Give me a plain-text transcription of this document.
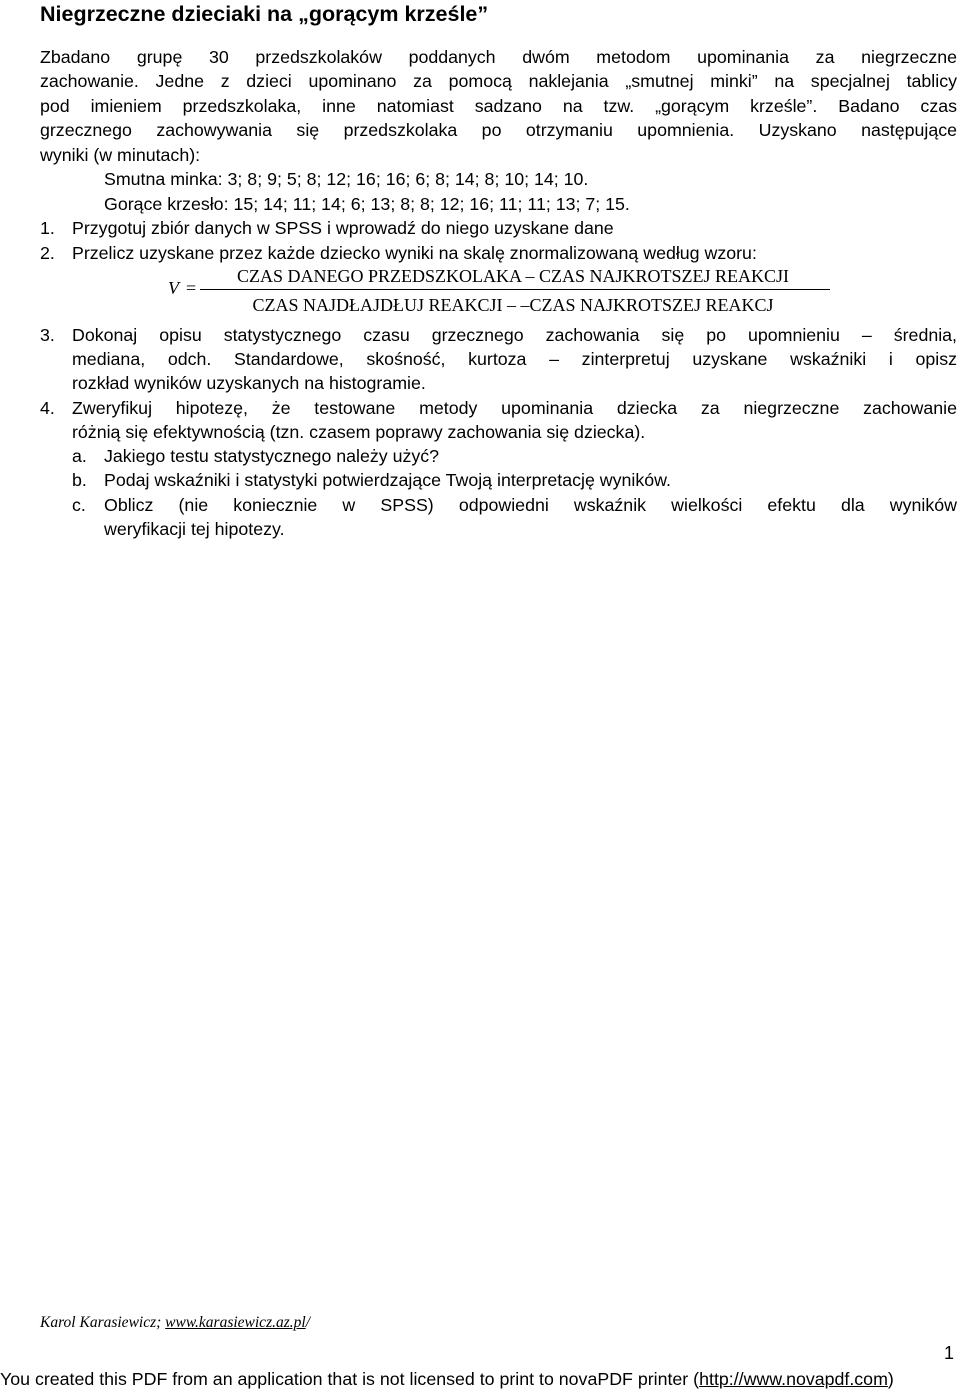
Niegrzeczne dzieciaki na „gorącym krześle”
Zbadano grupę 30 przedszkolaków poddanych dwóm metodom upominania za niegrzeczne
zachowanie. Jedne z dzieci upominano za pomocą naklejania „smutnej minki” na specjalnej tablicy
pod imieniem przedszkolaka, inne natomiast sadzano na tzw. „gorącym krześle”. Badano czas
grzecznego zachowywania się przedszkolaka po otrzymaniu upomnienia. Uzyskano następujące
wyniki (w minutach):
Smutna minka: 3; 8; 9; 5; 8; 12; 16; 16; 6; 8; 14; 8; 10; 14; 10.
Gorące krzesło: 15; 14; 11; 14; 6; 13; 8; 8; 12; 16; 11; 11; 13; 7; 15.
1. Przygotuj zbiór danych w SPSS i wprowadź do niego uzyskane dane
2. Przelicz uzyskane przez każde dziecko wyniki na skalę znormalizowaną według wzoru:
V =
CZAS DANEGO PRZEDSZKOLAKA – CZAS NAJKROTSZEJ REAKCJI
CZAS NAJDŁAJDŁUJ REAKCJI – –CZAS NAJKROTSZEJ REAKCJ
3. Dokonaj opisu statystycznego czasu grzecznego zachowania się po upomnieniu – średnia,
mediana, odch. Standardowe, skośność, kurtoza – zinterpretuj uzyskane wskaźniki i opisz
rozkład wyników uzyskanych na histogramie.
4. Zweryfikuj hipotezę, że testowane metody upominania dziecka za niegrzeczne zachowanie
różnią się efektywnością (tzn. czasem poprawy zachowania się dziecka).
a. Jakiego testu statystycznego należy użyć?
b. Podaj wskaźniki i statystyki potwierdzające Twoją interpretację wyników.
c. Oblicz (nie koniecznie w SPSS) odpowiedni wskaźnik wielkości efektu dla wyników
weryfikacji tej hipotezy.
Karol Karasiewicz; www.karasiewicz.az.pl/
1
You created this PDF from an application that is not licensed to print to novaPDF printer (http://www.novapdf.com)
